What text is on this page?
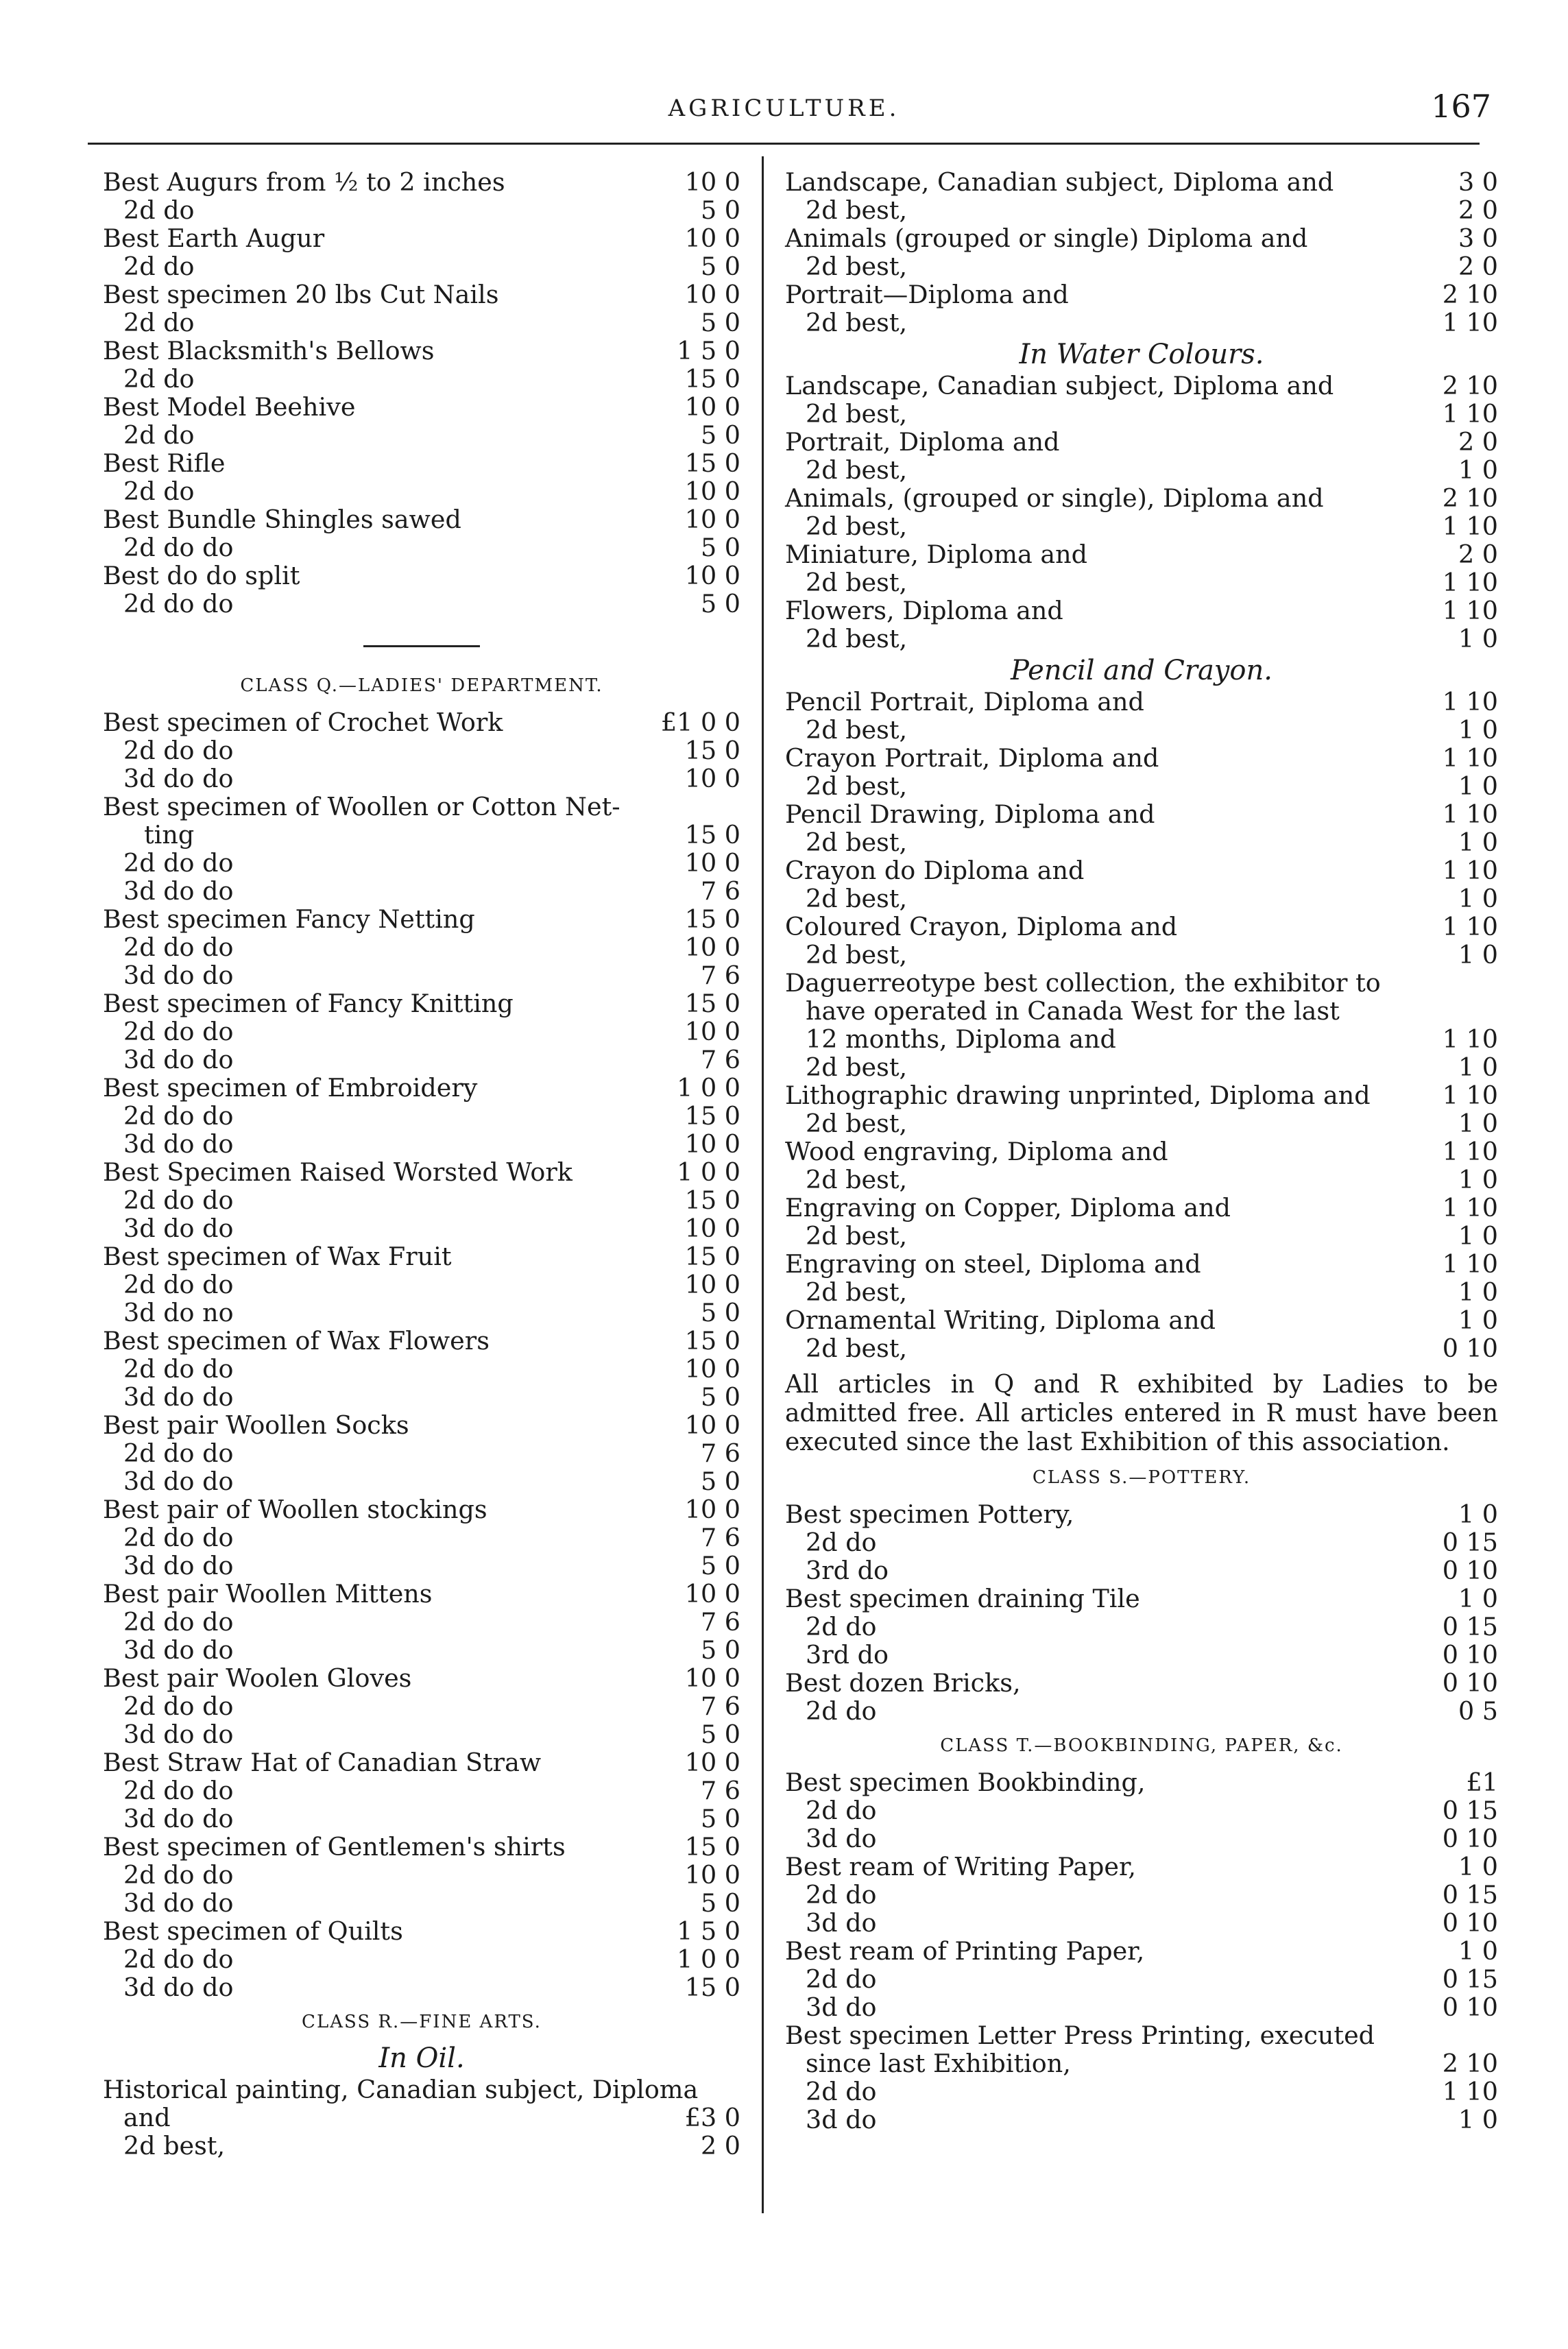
AGRICULTURE.	167
Best Augurs from ½ to 2 inches	10 0
2d do	5 0
Best Earth Augur	10 0
2d do	5 0
Best specimen 20 lbs Cut Nails	10 0
2d do	5 0
Best Blacksmith's Bellows	1 5 0
2d do	15 0
Best Model Beehive	10 0
2d do	5 0
Best Rifle	15 0
2d do	10 0
Best Bundle Shingles sawed	10 0
2d do do	5 0
Best do do split	10 0
2d do do	5 0
CLASS Q.—LADIES' DEPARTMENT.
Best specimen of Crochet Work	£1 0 0
2d do do	15 0
3d do do	10 0
Best specimen of Woollen or Cotton Net-
ting	15 0
2d do do	10 0
3d do do	7 6
Best specimen Fancy Netting	15 0
2d do do	10 0
3d do do	7 6
Best specimen of Fancy Knitting	15 0
2d do do	10 0
3d do do	7 6
Best specimen of Embroidery	1 0 0
2d do do	15 0
3d do do	10 0
Best Specimen Raised Worsted Work	1 0 0
2d do do	15 0
3d do do	10 0
Best specimen of Wax Fruit	15 0
2d do do	10 0
3d do no	5 0
Best specimen of Wax Flowers	15 0
2d do do	10 0
3d do do	5 0
Best pair Woollen Socks	10 0
2d do do	7 6
3d do do	5 0
Best pair of Woollen stockings	10 0
2d do do	7 6
3d do do	5 0
Best pair Woollen Mittens	10 0
2d do do	7 6
3d do do	5 0
Best pair Woolen Gloves	10 0
2d do do	7 6
3d do do	5 0
Best Straw Hat of Canadian Straw	10 0
2d do do	7 6
3d do do	5 0
Best specimen of Gentlemen's shirts	15 0
2d do do	10 0
3d do do	5 0
Best specimen of Quilts	1 5 0
2d do do	1 0 0
3d do do	15 0
CLASS R.—FINE ARTS.
In Oil.
Historical painting, Canadian subject, Diploma
and	£3 0
2d best,	2 0
Landscape, Canadian subject, Diploma and	3 0
2d best,	2 0
Animals (grouped or single) Diploma and	3 0
2d best,	2 0
Portrait—Diploma and	2 10
2d best,	1 10
In Water Colours.
Landscape, Canadian subject, Diploma and	2 10
2d best,	1 10
Portrait, Diploma and	2 0
2d best,	1 0
Animals, (grouped or single), Diploma and	2 10
2d best,	1 10
Miniature, Diploma and	2 0
2d best,	1 10
Flowers, Diploma and	1 10
2d best,	1 0
Pencil and Crayon.
Pencil Portrait, Diploma and	1 10
2d best,	1 0
Crayon Portrait, Diploma and	1 10
2d best,	1 0
Pencil Drawing, Diploma and	1 10
2d best,	1 0
Crayon do Diploma and	1 10
2d best,	1 0
Coloured Crayon, Diploma and	1 10
2d best,	1 0
Daguerreotype best collection, the exhibitor to
have operated in Canada West for the last
12 months, Diploma and	1 10
2d best,	1 0
Lithographic drawing unprinted, Diploma and	1 10
2d best,	1 0
Wood engraving, Diploma and	1 10
2d best,	1 0
Engraving on Copper, Diploma and	1 10
2d best,	1 0
Engraving on steel, Diploma and	1 10
2d best,	1 0
Ornamental Writing, Diploma and	1 0
2d best,	0 10
All articles in Q and R exhibited by Ladies to be admitted free. All articles entered in R must have been executed since the last Exhibition of this association.
CLASS S.—POTTERY.
Best specimen Pottery,	1 0
2d do	0 15
3rd do	0 10
Best specimen draining Tile	1 0
2d do	0 15
3rd do	0 10
Best dozen Bricks,	0 10
2d do	0 5
CLASS T.—BOOKBINDING, PAPER, &c.
Best specimen Bookbinding,	£1
2d do	0 15
3d do	0 10
Best ream of Writing Paper,	1 0
2d do	0 15
3d do	0 10
Best ream of Printing Paper,	1 0
2d do	0 15
3d do	0 10
Best specimen Letter Press Printing, executed
since last Exhibition,	2 10
2d do	1 10
3d do	1 0
